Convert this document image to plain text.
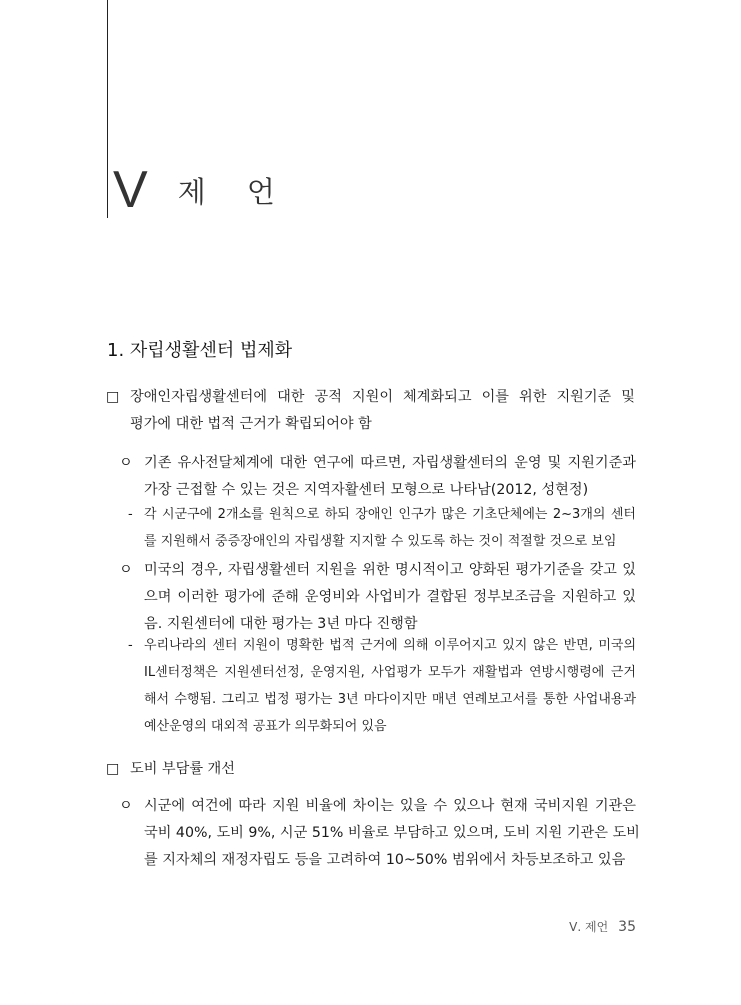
V 제 언
1. 자립생활센터 법제화
□ 장애인자립생활센터에 대한 공적 지원이 체계화되고 이를 위한 지원기준 및
평가에 대한 법적 근거가 확립되어야 함
ㅇ 기존 유사전달체계에 대한 연구에 따르면, 자립생활센터의 운영 및 지원기준과
가장 근접할 수 있는 것은 지역자활센터 모형으로 나타남(2012, 성현정)
- 각 시군구에 2개소를 원칙으로 하되 장애인 인구가 많은 기초단체에는 2~3개의 센터
를 지원해서 중증장애인의 자립생활 지지할 수 있도록 하는 것이 적절할 것으로 보임
ㅇ 미국의 경우, 자립생활센터 지원을 위한 명시적이고 양화된 평가기준을 갖고 있
으며 이러한 평가에 준해 운영비와 사업비가 결합된 정부보조금을 지원하고 있
음. 지원센터에 대한 평가는 3년 마다 진행함
- 우리나라의 센터 지원이 명확한 법적 근거에 의해 이루어지고 있지 않은 반면, 미국의
IL센터정책은 지원센터선정, 운영지원, 사업평가 모두가 재활법과 연방시행령에 근거
해서 수행됨. 그리고 법정 평가는 3년 마다이지만 매년 연례보고서를 통한 사업내용과
예산운영의 대외적 공표가 의무화되어 있음
□ 도비 부담률 개선
ㅇ 시군에 여건에 따라 지원 비율에 차이는 있을 수 있으나 현재 국비지원 기관은
국비 40%, 도비 9%, 시군 51% 비율로 부담하고 있으며, 도비 지원 기관은 도비
를 지자체의 재정자립도 등을 고려하여 10~50% 범위에서 차등보조하고 있음
Ⅴ. 제언 35
